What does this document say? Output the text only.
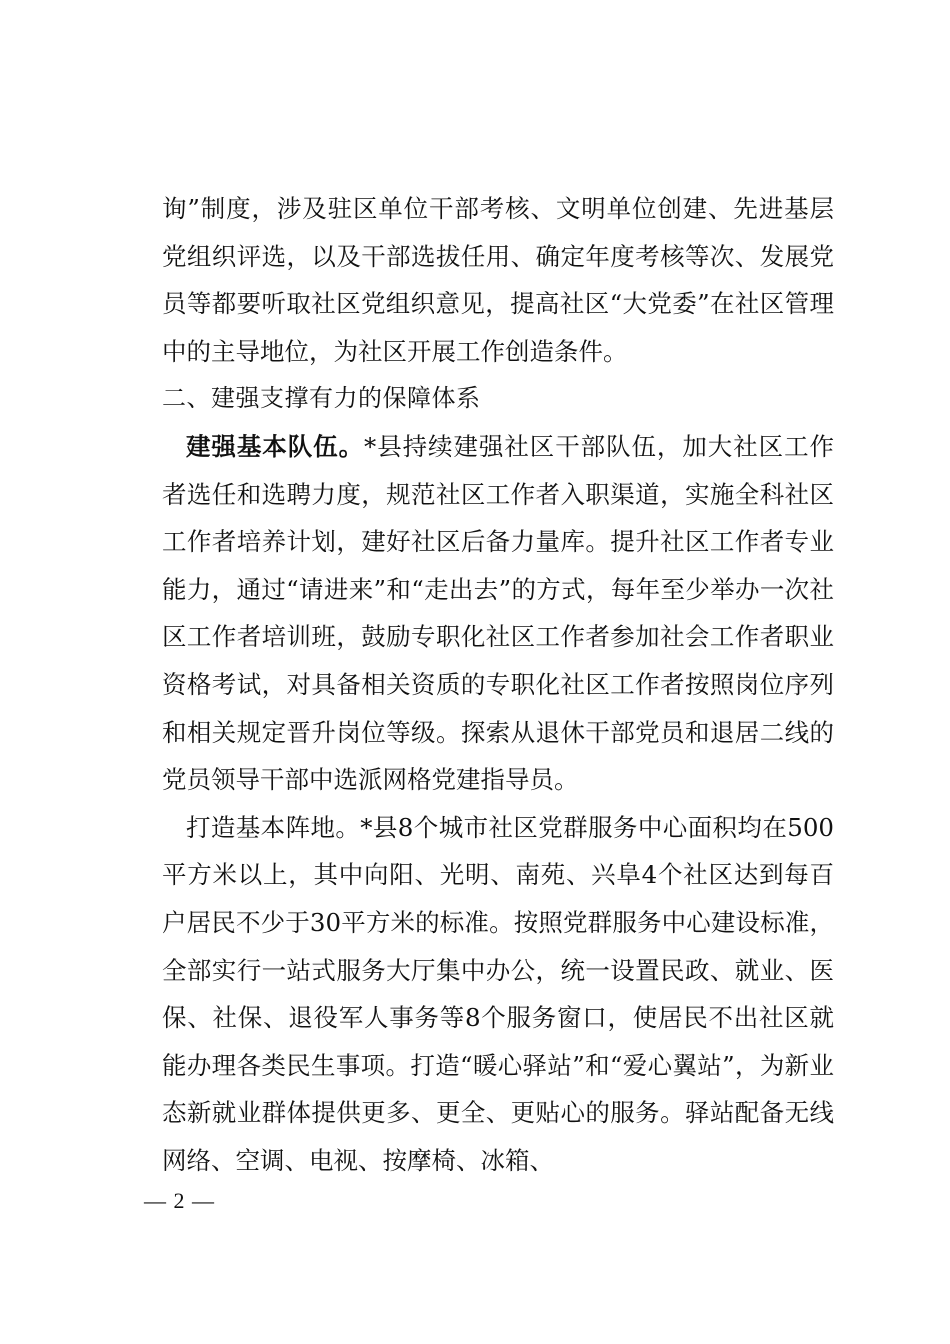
询”制度，涉及驻区单位干部考核、文明单位创建、先进基层党组织评选，以及干部选拔任用、确定年度考核等次、发展党员等都要听取社区党组织意见，提高社区“大党委”在社区管理中的主导地位，为社区开展工作创造条件。

二、建强支撑有力的保障体系

建强基本队伍。*县持续建强社区干部队伍，加大社区工作者选任和选聘力度，规范社区工作者入职渠道，实施全科社区工作者培养计划，建好社区后备力量库。提升社区工作者专业能力，通过“请进来”和“走出去”的方式，每年至少举办一次社区工作者培训班，鼓励专职化社区工作者参加社会工作者职业资格考试，对具备相关资质的专职化社区工作者按照岗位序列和相关规定晋升岗位等级。探索从退休干部党员和退居二线的党员领导干部中选派网格党建指导员。

打造基本阵地。*县8个城市社区党群服务中心面积均在500平方米以上，其中向阳、光明、南苑、兴阜4个社区达到每百户居民不少于30平方米的标准。按照党群服务中心建设标准，全部实行一站式服务大厅集中办公，统一设置民政、就业、医保、社保、退役军人事务等8个服务窗口，使居民不出社区就能办理各类民生事项。打造“暖心驿站”和“爱心翼站”，为新业态新就业群体提供更多、更全、更贴心的服务。驿站配备无线网络、空调、电视、按摩椅、冰箱、

— 2 —
